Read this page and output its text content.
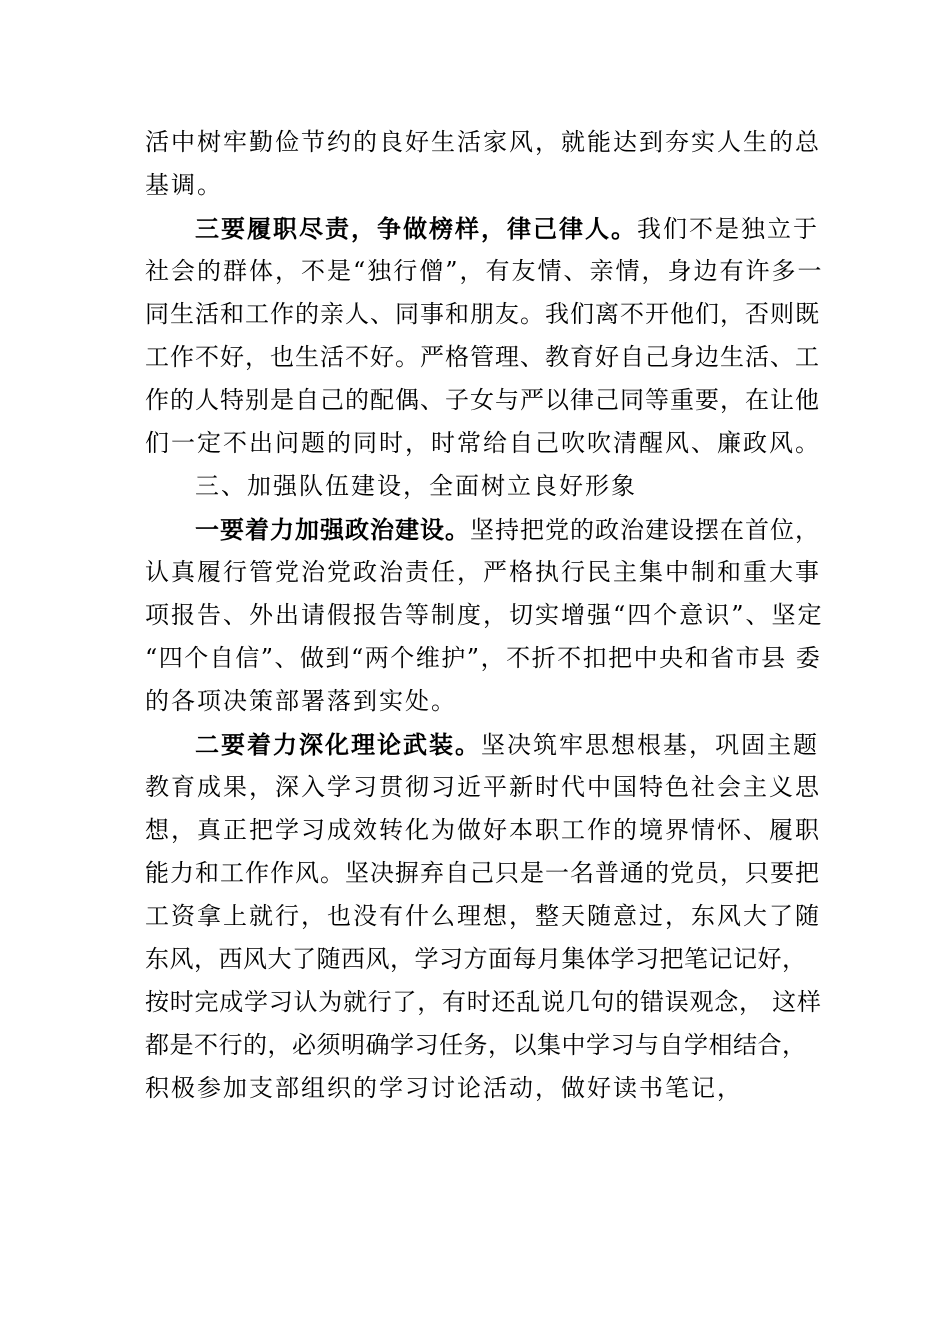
活中树牢勤俭节约的良好生活家风，就能达到夯实人生的总
基调。
三要履职尽责，争做榜样，律己律人。我们不是独立于
社会的群体，不是“独行僧”，有友情、亲情，身边有许多一
同生活和工作的亲人、同事和朋友。我们离不开他们，否则既
工作不好，也生活不好。严格管理、教育好自己身边生活、工
作的人特别是自己的配偶、子女与严以律己同等重要，在让他
们一定不出问题的同时，时常给自己吹吹清醒风、廉政风。
三、加强队伍建设，全面树立良好形象
一要着力加强政治建设。坚持把党的政治建设摆在首位，
认真履行管党治党政治责任，严格执行民主集中制和重大事
项报告、外出请假报告等制度，切实增强“四个意识”、坚定
“四个自信”、做到“两个维护”，不折不扣把中央和省市县 委
的各项决策部署落到实处。
二要着力深化理论武装。坚决筑牢思想根基，巩固主题
教育成果，深入学习贯彻习近平新时代中国特色社会主义思
想，真正把学习成效转化为做好本职工作的境界情怀、履职
能力和工作作风。坚决摒弃自己只是一名普通的党员，只要把
工资拿上就行，也没有什么理想，整天随意过，东风大了随
东风，西风大了随西风，学习方面每月集体学习把笔记记好，
按时完成学习认为就行了，有时还乱说几句的错误观念， 这样
都是不行的，必须明确学习任务，以集中学习与自学相结合，
积极参加支部组织的学习讨论活动，做好读书笔记，
